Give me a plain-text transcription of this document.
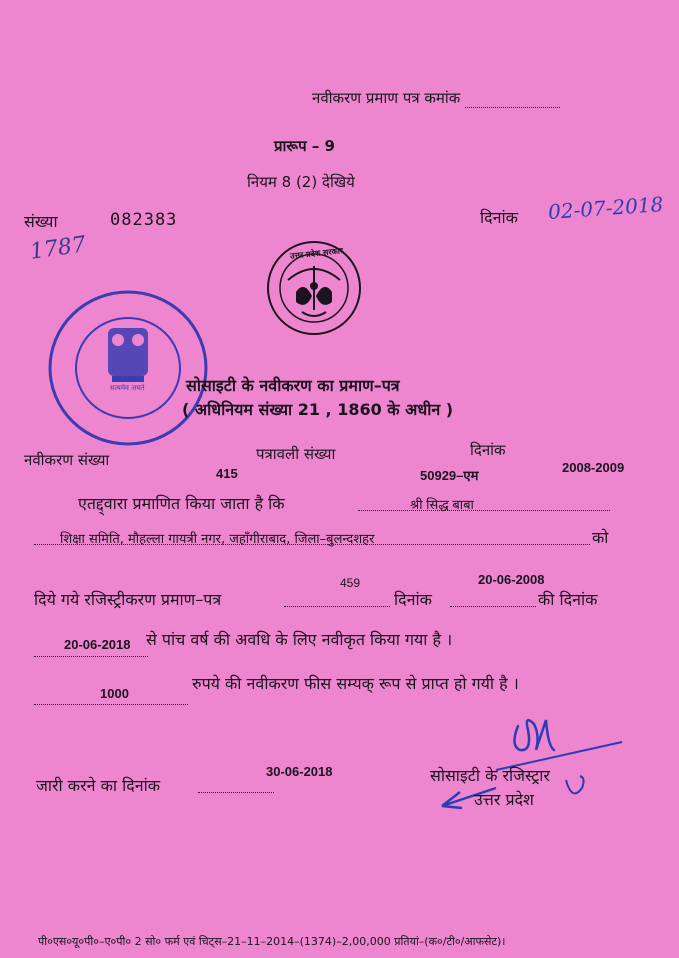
नवीकरण प्रमाण पत्र कमांक
प्रारूप – 9
नियम 8 (2) देखिये
संख्या	082383
1787
दिनांक 02-07-2018
उत्तर प्रदेश सरकार
सत्यमेव जयते	सोसाइटी के नवीकरण का प्रमाण–पत्र
( अधिनियम संख्या 21 , 1860 के अधीन )
नवीकरण संख्या
415
पत्रावली संख्या
50929–एम
दिनांक
2008-2009
एतद्द्वारा प्रमाणित किया जाता है कि	श्री सिद्ध बाबा
शिक्षा समिति, मौहल्ला गायत्री नगर, जहाँगीराबाद, जिला–बुलन्दशहर	को
दिये गये रजिस्ट्रीकरण प्रमाण–पत्र
459
दिनांक
20-06-2008
की दिनांक
20-06-2018 से पांच वर्ष की अवधि के लिए नवीकृत किया गया है ।
1000
रुपये की नवीकरण फीस सम्यक् रूप से प्राप्त हो गयी है ।
जारी करने का दिनांक
30-06-2018	सोसाइटी के रजिस्ट्रार
उत्तर प्रदेश
पी०एस०यू०पी०–ए०पी० 2 सो० फर्म एवं चिट्स–21–11–2014–(1374)–2,00,000 प्रतियां–(क०/टी०/आफसेट)।
